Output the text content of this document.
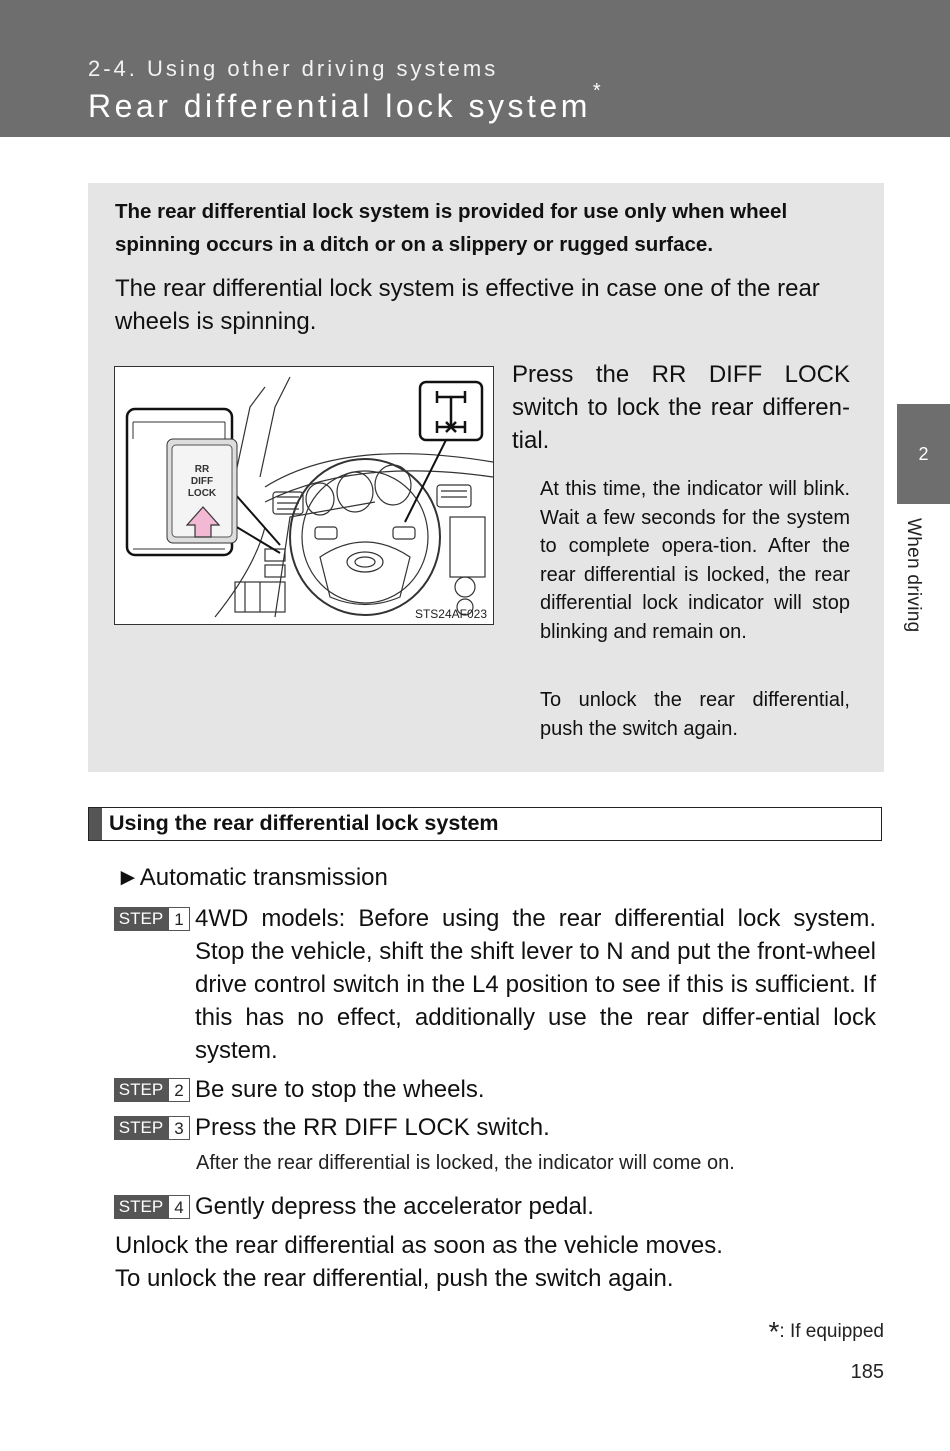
2-4. Using other driving systems
Rear differential lock system *
2
When driving
The rear differential lock system is provided for use only when wheel spinning occurs in a ditch or on a slippery or rugged surface.
The rear differential lock system is effective in case one of the rear wheels is spinning.
RR
DIFF
LOCK
STS24AF023
Press the RR DIFF LOCK switch to lock the rear differen-tial.
At this time, the indicator will blink. Wait a few seconds for the system to complete opera-tion. After the rear differential is locked, the rear differential lock indicator will stop blinking and remain on.
To unlock the rear differential, push the switch again.
Using the rear differential lock system
►Automatic transmission
STEP 1 4WD models: Before using the rear differential lock system. Stop the vehicle, shift the shift lever to N and put the front-wheel drive control switch in the L4 position to see if this is sufficient. If this has no effect, additionally use the rear differ-ential lock system.
STEP 2 Be sure to stop the wheels.
STEP 3 Press the RR DIFF LOCK switch.
After the rear differential is locked, the indicator will come on.
STEP 4 Gently depress the accelerator pedal.
Unlock the rear differential as soon as the vehicle moves.
To unlock the rear differential, push the switch again.
*: If equipped
185
